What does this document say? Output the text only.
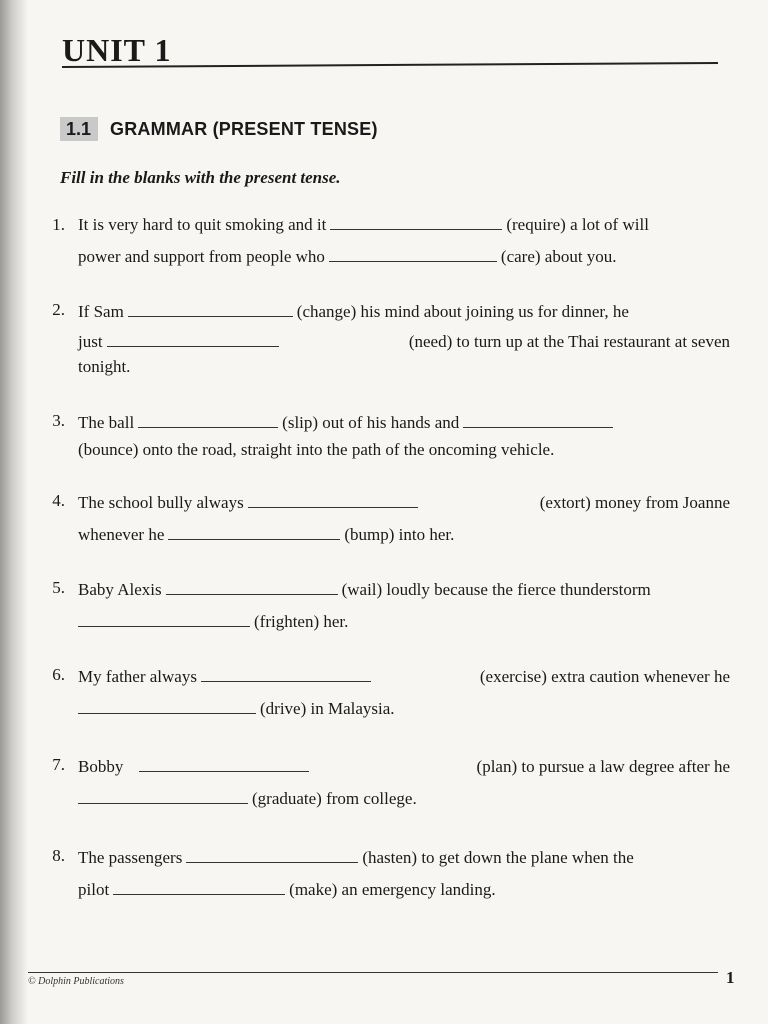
UNIT 1
1.1	GRAMMAR (PRESENT TENSE)
Fill in the blanks with the present tense.
1. It is very hard to quit smoking and it	(require) a lot of will
power and support from people who	(care) about you.
2. If Sam	(change) his mind about joining us for dinner, he
just	(need) to turn up at the Thai restaurant at seven
tonight.
3. The ball	(slip) out of his hands and
(bounce) onto the road, straight into the path of the oncoming vehicle.
4. The school bully always	(extort) money from Joanne
whenever he	(bump) into her.
5. Baby Alexis	(wail) loudly because the fierce thunderstorm
(frighten) her.
6. My father always	(exercise) extra caution whenever he
(drive) in Malaysia.
7. Bobby	(plan) to pursue a law degree after he
(graduate) from college.
8. The passengers	(hasten) to get down the plane when the
pilot	(make) an emergency landing.
© Dolphin Publications	1
